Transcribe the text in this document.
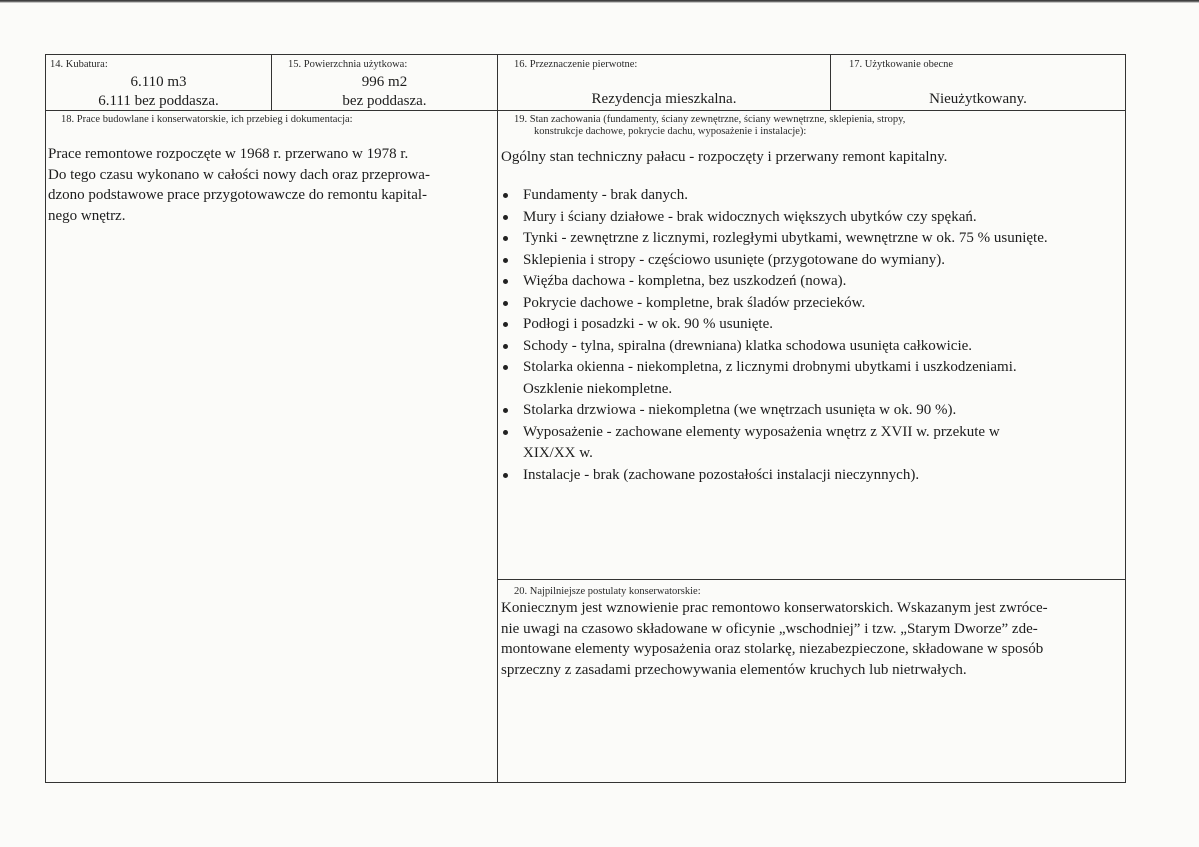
14. Kubatura:
6.110 m3
6.111 bez poddasza.
15. Powierzchnia użytkowa:
996 m2
bez poddasza.
16. Przeznaczenie pierwotne:
Rezydencja mieszkalna.
17. Użytkowanie obecne
Nieużytkowany.
18. Prace budowlane i konserwatorskie, ich przebieg i dokumentacja:
Prace remontowe rozpoczęte w 1968 r. przerwano w 1978 r.
Do tego czasu wykonano w całości nowy dach oraz przeprowa-
dzono podstawowe prace przygotowawcze do remontu kapital-
nego wnętrz.
19. Stan zachowania (fundamenty, ściany zewnętrzne, ściany wewnętrzne, sklepienia, stropy,
konstrukcje dachowe, pokrycie dachu, wyposażenie i instalacje):
Ogólny stan techniczny pałacu - rozpoczęty i przerwany remont kapitalny.
Fundamenty - brak danych.
Mury i ściany działowe - brak widocznych większych ubytków czy spękań.
Tynki - zewnętrzne z licznymi, rozległymi ubytkami, wewnętrzne w ok. 75 % usunięte.
Sklepienia i stropy - częściowo usunięte (przygotowane do wymiany).
Więźba dachowa - kompletna, bez uszkodzeń (nowa).
Pokrycie dachowe - kompletne, brak śladów przecieków.
Podłogi i posadzki - w ok. 90 % usunięte.
Schody - tylna, spiralna (drewniana) klatka schodowa usunięta całkowicie.
Stolarka okienna - niekompletna, z licznymi drobnymi ubytkami i uszkodzeniami.
Oszklenie niekompletne.
Stolarka drzwiowa - niekompletna (we wnętrzach usunięta w ok. 90 %).
Wyposażenie - zachowane elementy wyposażenia wnętrz z XVII w. przekute w
XIX/XX w.
Instalacje - brak (zachowane pozostałości instalacji nieczynnych).
20. Najpilniejsze postulaty konserwatorskie:
Koniecznym jest wznowienie prac remontowo konserwatorskich. Wskazanym jest zwróce-
nie uwagi na czasowo składowane w oficynie „wschodniej” i tzw. „Starym Dworze” zde-
montowane elementy wyposażenia oraz stolarkę, niezabezpieczone, składowane w sposób
sprzeczny z zasadami przechowywania elementów kruchych lub nietrwałych.
